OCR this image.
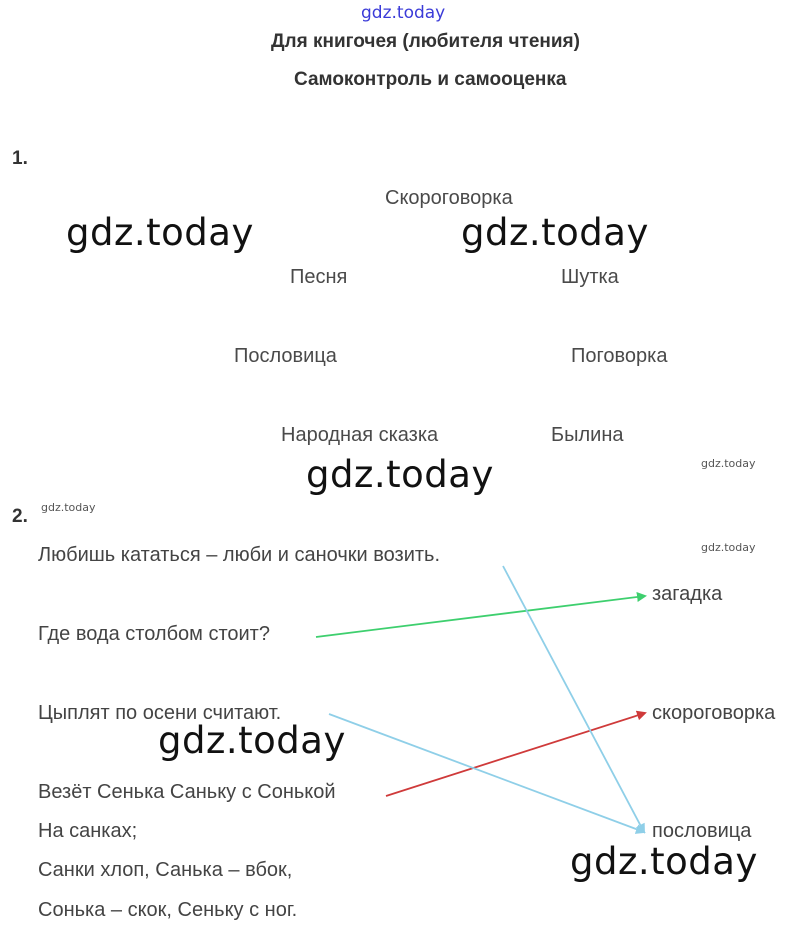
gdz.today
Для книгочея (любителя чтения)
Самоконтроль и самооценка
1.
Скороговорка
Песня	Шутка
Пословица	Поговорка
Народная сказка	Былина
2.
Любишь кататься – люби и саночки возить.
Где вода столбом стоит?
Цыплят по осени считают.
Везёт Сенька Саньку с Сонькой
На санках;
Санки хлоп, Санька – вбок,
Сонька – скок, Сеньку с ног.
загадка
скороговорка
пословица
gdz.today	gdz.today
gdz.today
gdz.today
gdz.today
gdz.today
gdz.today
gdz.today
